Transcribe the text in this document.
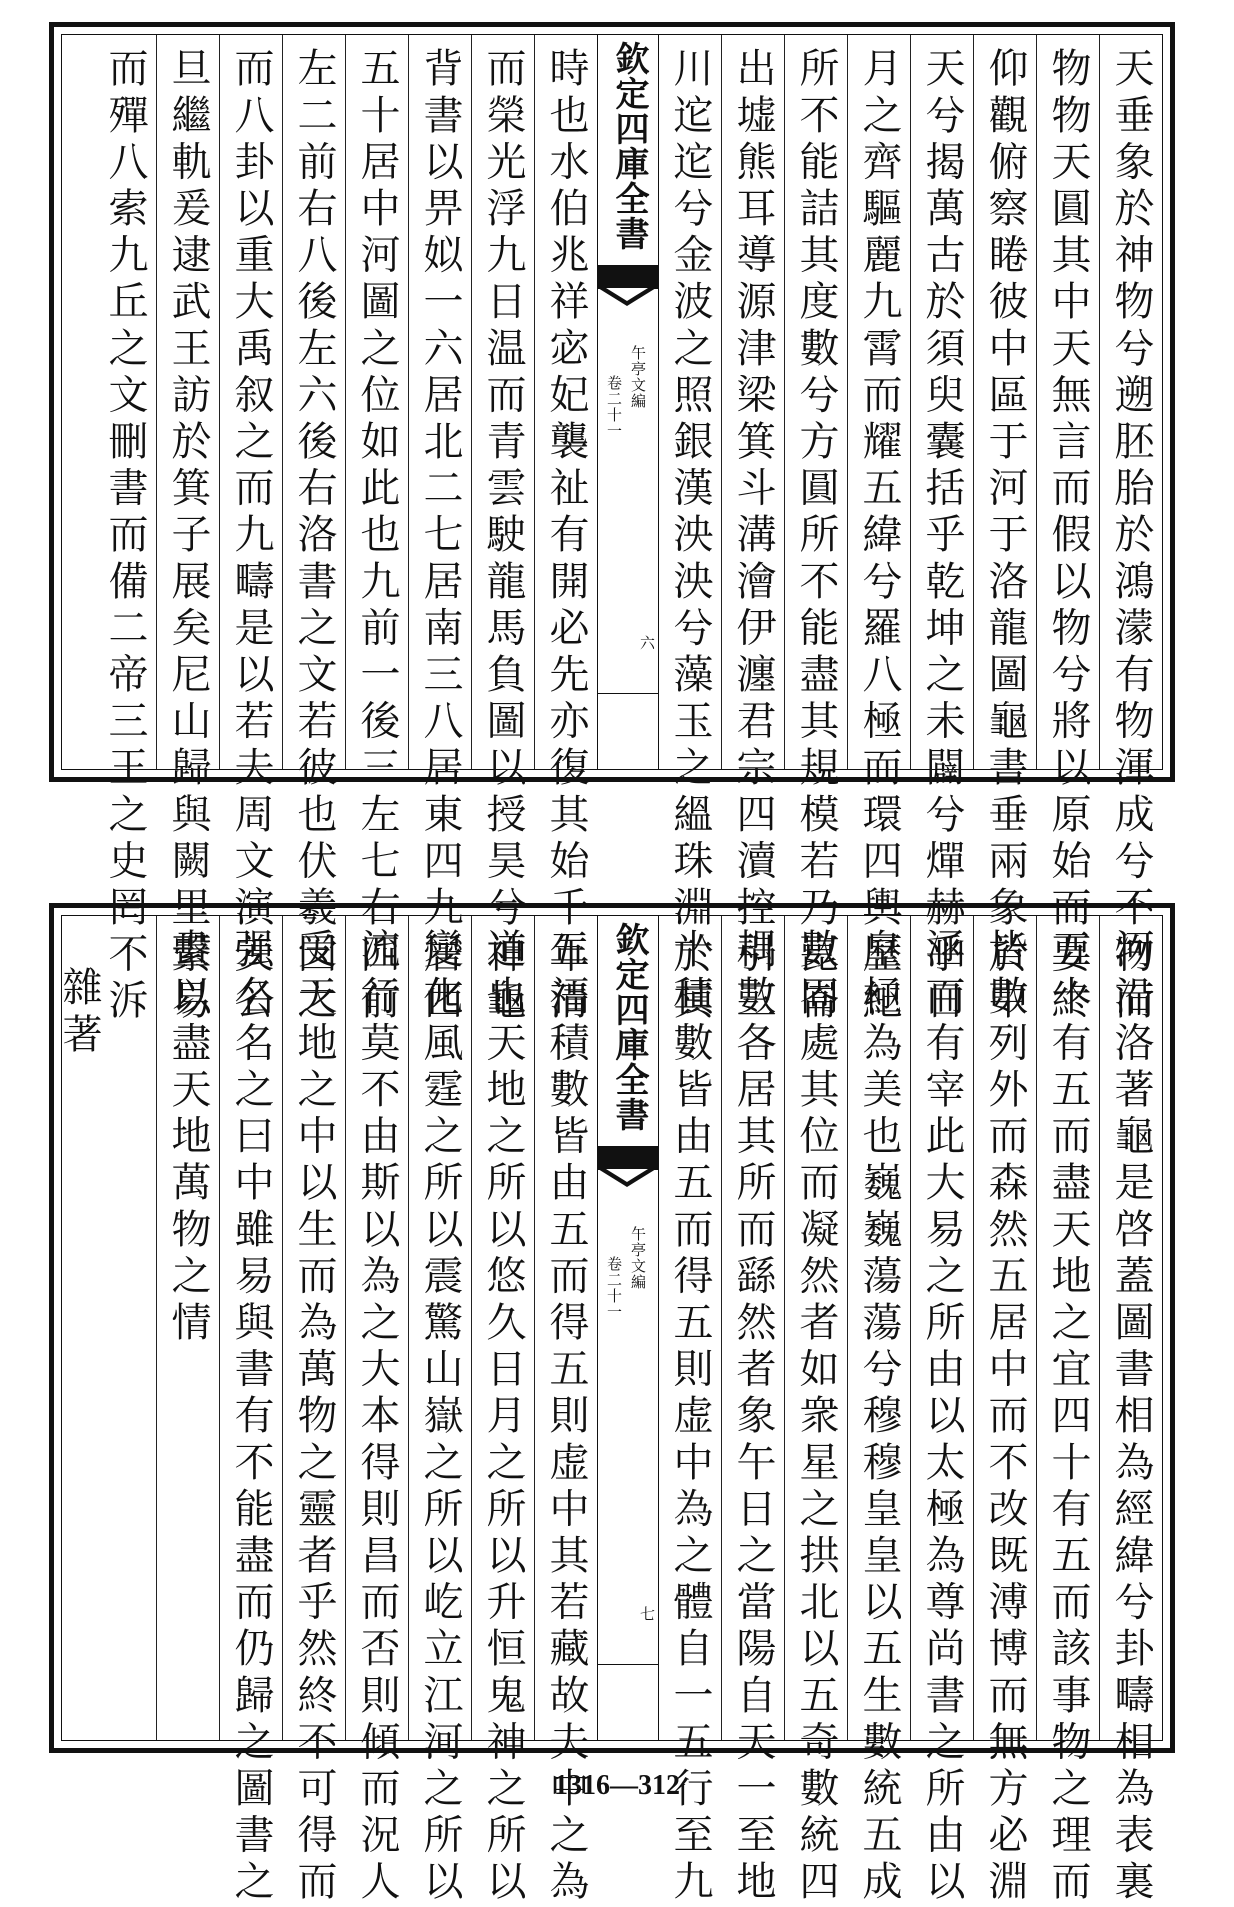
天垂象於神物兮遡胚胎於鴻濛有物渾成兮不物而
物物天圓其中天無言而假以物兮將以原始而要終
仰觀俯察睠彼中區于河于洛龍圖龜書垂兩象於中
天兮揭萬古於須臾囊括乎乾坤之未闢兮燀赫乎日
月之齊驅麗九霄而耀五緯兮羅八極而環四輿歷紀
所不能詰其度數兮方圓所不能盡其規模若乃崑崙
出墟熊耳導源津梁箕斗溝澮伊瀍君宗四瀆控引三
川迱迱兮金波之照銀漢泱泱兮藻玉之縕珠淵於其
欽定四庫全書
午亭文編
卷二十一
六
時也水伯兆祥宓妃襲祉有開必先亦復其始千年清
而榮光浮九日温而青雲駛龍馬負圖以授昊兮神龜
背書以畀姒一六居北二七居南三八居東四九居西
五十居中河圖之位如此也九前一後三左七右四前
左二前右八後左六後右洛書之文若彼也伏羲因之
而八卦以重大禹叙之而九疇是以若夫周文演羑公
旦繼軌爰逮武王訪於箕子展矣尼山歸與闕里繫易
而殫八索九丘之文刪書而備二帝三王之史罔不泝
河沿洛著龜是啓蓋圖書相為經緯兮卦疇相為表裏
五十有五而盡天地之宜四十有五而該事物之理而
皆數列外而森然五居中而不改既溥博而無方必淵
涵而有宰此大易之所由以太極為尊尚書之所由以
皇極為美也巍巍蕩蕩兮穆穆皇皇以五生數統五成
數同處其位而凝然者如衆星之拱北以五奇數統四
耦數各居其所而繇然者象午日之當陽自天一至地
十積數皆由五而得五則虚中為之體自一五行至九
欽定四庫全書
午亭文編
卷二十一
七
五福積數皆由五而得五則虚中其若藏故夫中之為
道也天地之所以悠久日月之所以升恒鬼神之所以
變化風霆之所以震驚山嶽之所以屹立江河之所以
流行莫不由斯以為之大本得則昌而否則傾而況人
受天地之中以生而為萬物之靈者乎然終不可得而
强名名之曰中雖易與書有不能盡而仍歸之圖書之
畫以盡天地萬物之情
雜著
1316—312
